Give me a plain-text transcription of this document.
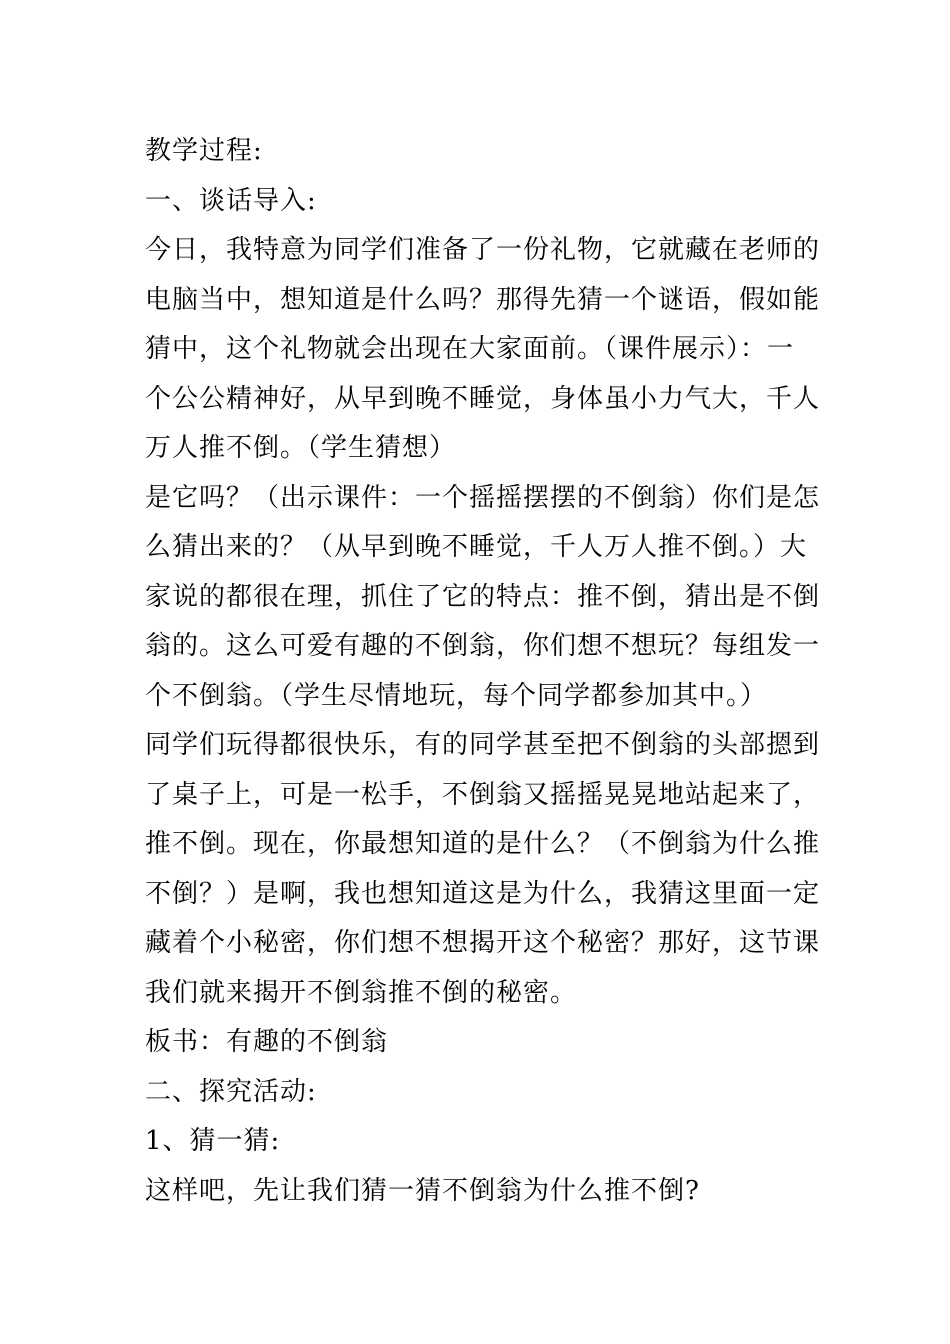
教学过程:
一、谈话导入:
今日，我特意为同学们准备了一份礼物，它就藏在老师的
电脑当中，想知道是什么吗？那得先猜一个谜语，假如能
猜中，这个礼物就会出现在大家面前。（课件展示）：一
个公公精神好，从早到晚不睡觉，身体虽小力气大，千人
万人推不倒。（学生猜想）
是它吗？（出示课件：一个摇摇摆摆的不倒翁）你们是怎
么猜出来的？（从早到晚不睡觉，千人万人推不倒。）大
家说的都很在理，抓住了它的特点：推不倒，猜出是不倒
翁的。这么可爱有趣的不倒翁，你们想不想玩？每组发一
个不倒翁。（学生尽情地玩，每个同学都参加其中。）
同学们玩得都很快乐，有的同学甚至把不倒翁的头部摁到
了桌子上，可是一松手，不倒翁又摇摇晃晃地站起来了，
推不倒。现在，你最想知道的是什么？（不倒翁为什么推
不倒？）是啊，我也想知道这是为什么，我猜这里面一定
藏着个小秘密，你们想不想揭开这个秘密？那好，这节课
我们就来揭开不倒翁推不倒的秘密。
板书：有趣的不倒翁
二、探究活动:
1、猜一猜:
这样吧，先让我们猜一猜不倒翁为什么推不倒?
